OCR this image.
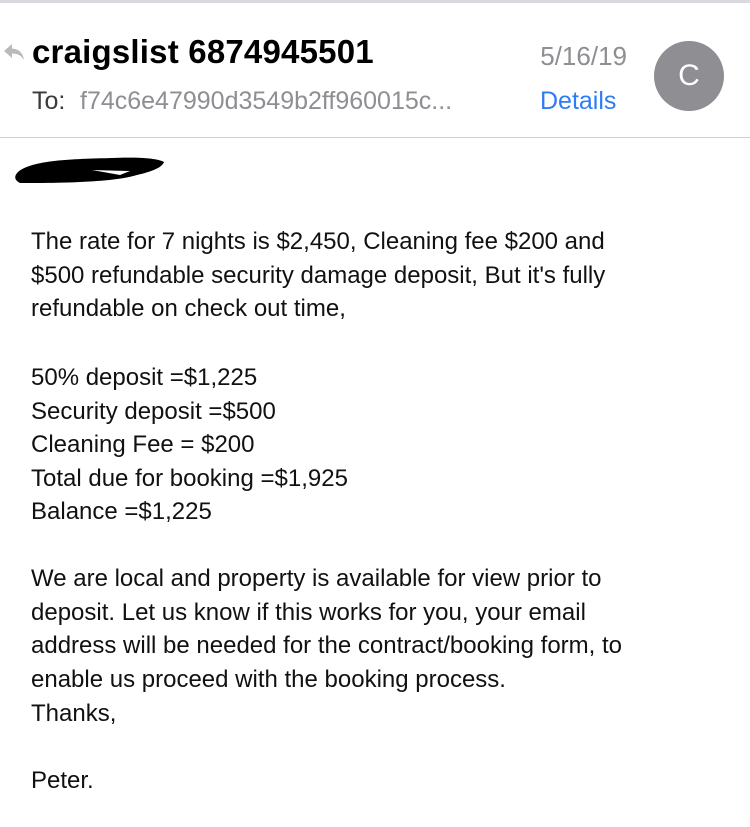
craigslist 6874945501	5/16/19
C
To: f74c6e47990d3549b2ff960015c...	Details
The rate for 7 nights is $2,450, Cleaning fee $200 and
$500 refundable security damage deposit, But it's fully
refundable on check out time,
50% deposit =$1,225
Security deposit =$500
Cleaning Fee = $200
Total due for booking =$1,925
Balance =$1,225
We are local and property is available for view prior to
deposit. Let us know if this works for you, your email
address will be needed for the contract/booking form, to
enable us proceed with the booking process.
Thanks,
Peter.
